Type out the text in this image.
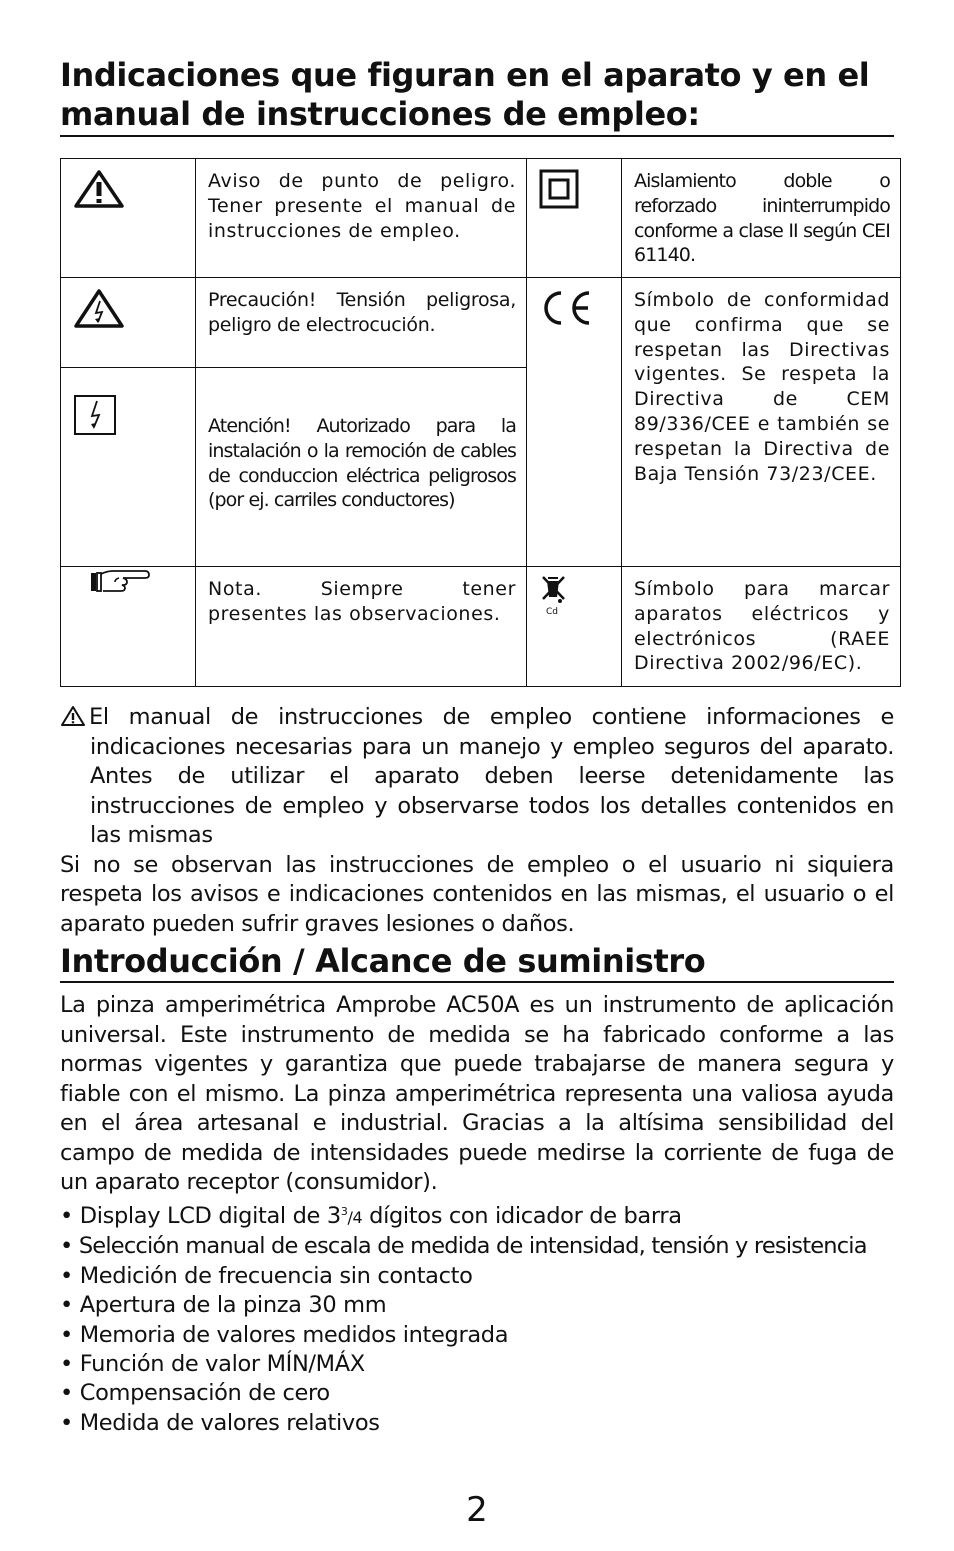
Indicaciones que figuran en el aparato y en el manual de instrucciones de empleo:
	Aviso de punto de peligro. Tener presente el manual de instrucciones de empleo.		Aislamiento doble o reforzado ininterrumpido conforme a clase II según CEI 61140.

	Precaución! Tensión peligrosa, peligro de electrocución.		Símbolo de conformidad que confirma que se respetan las Directivas vigentes. Se respeta la Directiva de CEM 89/336/CEE e también se respetan la Directiva de Baja Tensión 73/23/CEE.

	Atención! Autorizado para la instalación o la remoción de cables de conduccion eléctrica peligrosos (por ej. carriles conductores)		

	Nota. Siempre tener presentes las observaciones.	Cd	Símbolo para marcar aparatos eléctricos y electrónicos (RAEE Directiva 2002/96/EC).
El manual de instrucciones de empleo contiene informaciones e indicaciones necesarias para un manejo y empleo seguros del aparato. Antes de utilizar el aparato deben leerse detenidamente las instrucciones de empleo y observarse todos los detalles contenidos en las mismas
Si no se observan las instrucciones de empleo o el usuario ni siquiera respeta los avisos e indicaciones contenidos en las mismas, el usuario o el aparato pueden sufrir graves lesiones o daños.
Introducción / Alcance de suministro

La pinza amperimétrica Amprobe AC50A es un instrumento de aplicación universal. Este instrumento de medida se ha fabricado conforme a las normas vigentes y garantiza que puede trabajarse de manera segura y fiable con el mismo. La pinza amperimétrica representa una valiosa ayuda en el área artesanal e industrial. Gracias a la altísima sensibilidad del campo de medida de intensidades puede medirse la corriente de fuga de un aparato receptor (consumidor).

• Display LCD digital de $3^3/4$ dígitos con idicador de barra
• Selección manual de escala de medida de intensidad, tensión y resistencia
• Medición de frecuencia sin contacto
• Apertura de la pinza 30 mm
• Memoria de valores medidos integrada
• Función de valor MÍN/MÁX
• Compensación de cero
• Medida de valores relativos
2
